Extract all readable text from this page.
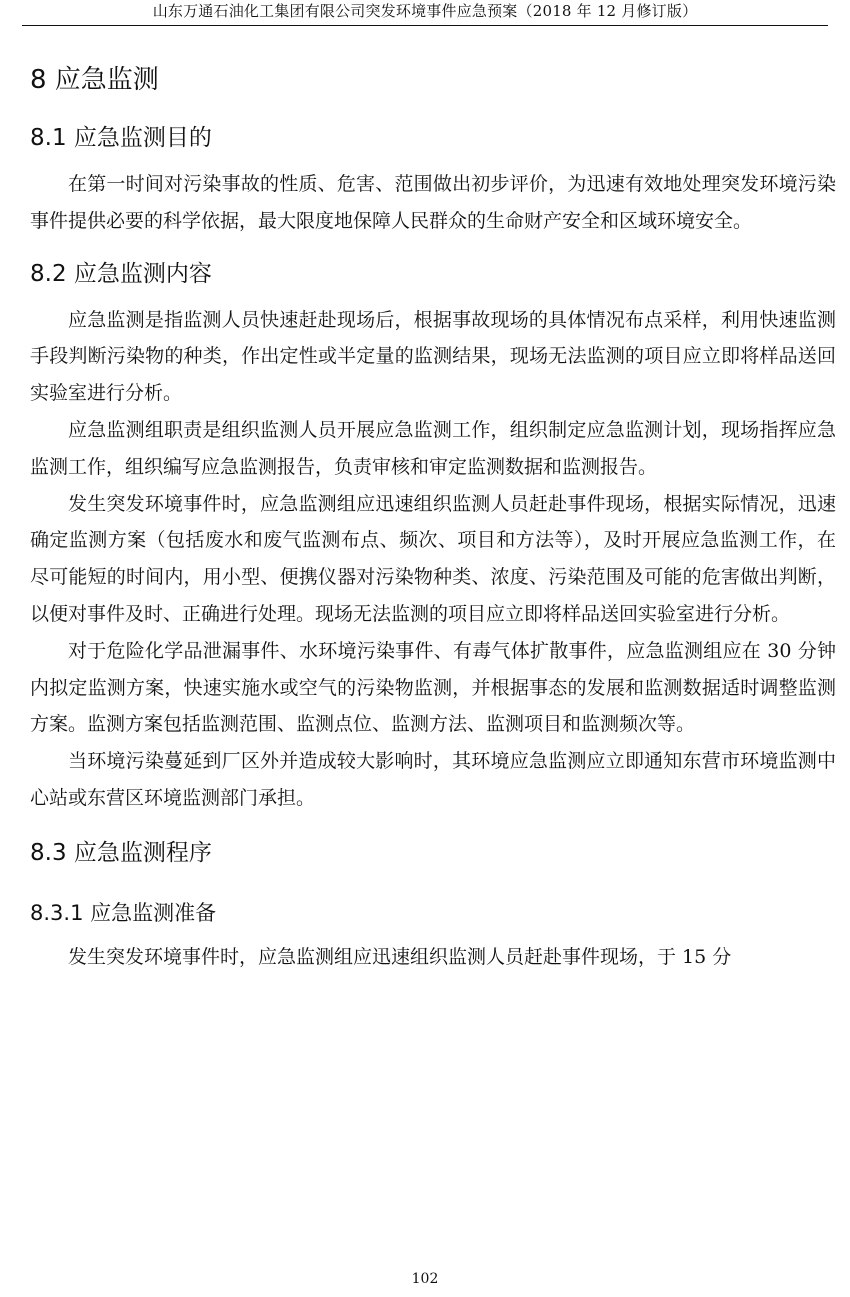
山东万通石油化工集团有限公司突发环境事件应急预案（2018 年 12 月修订版）
8 应急监测
8.1 应急监测目的

在第一时间对污染事故的性质、危害、范围做出初步评价，为迅速有效地处理突发环境污染事件提供必要的科学依据，最大限度地保障人民群众的生命财产安全和区域环境安全。

8.2 应急监测内容

应急监测是指监测人员快速赶赴现场后，根据事故现场的具体情况布点采样，利用快速监测手段判断污染物的种类，作出定性或半定量的监测结果，现场无法监测的项目应立即将样品送回实验室进行分析。

应急监测组职责是组织监测人员开展应急监测工作，组织制定应急监测计划，现场指挥应急监测工作，组织编写应急监测报告，负责审核和审定监测数据和监测报告。

发生突发环境事件时，应急监测组应迅速组织监测人员赶赴事件现场，根据实际情况，迅速确定监测方案（包括废水和废气监测布点、频次、项目和方法等），及时开展应急监测工作，在尽可能短的时间内，用小型、便携仪器对污染物种类、浓度、污染范围及可能的危害做出判断，以便对事件及时、正确进行处理。现场无法监测的项目应立即将样品送回实验室进行分析。

对于危险化学品泄漏事件、水环境污染事件、有毒气体扩散事件，应急监测组应在 30 分钟内拟定监测方案，快速实施水或空气的污染物监测，并根据事态的发展和监测数据适时调整监测方案。监测方案包括监测范围、监测点位、监测方法、监测项目和监测频次等。

当环境污染蔓延到厂区外并造成较大影响时，其环境应急监测应立即通知东营市环境监测中心站或东营区环境监测部门承担。

8.3 应急监测程序
8.3.1 应急监测准备

发生突发环境事件时，应急监测组应迅速组织监测人员赶赴事件现场，于 15 分

102
